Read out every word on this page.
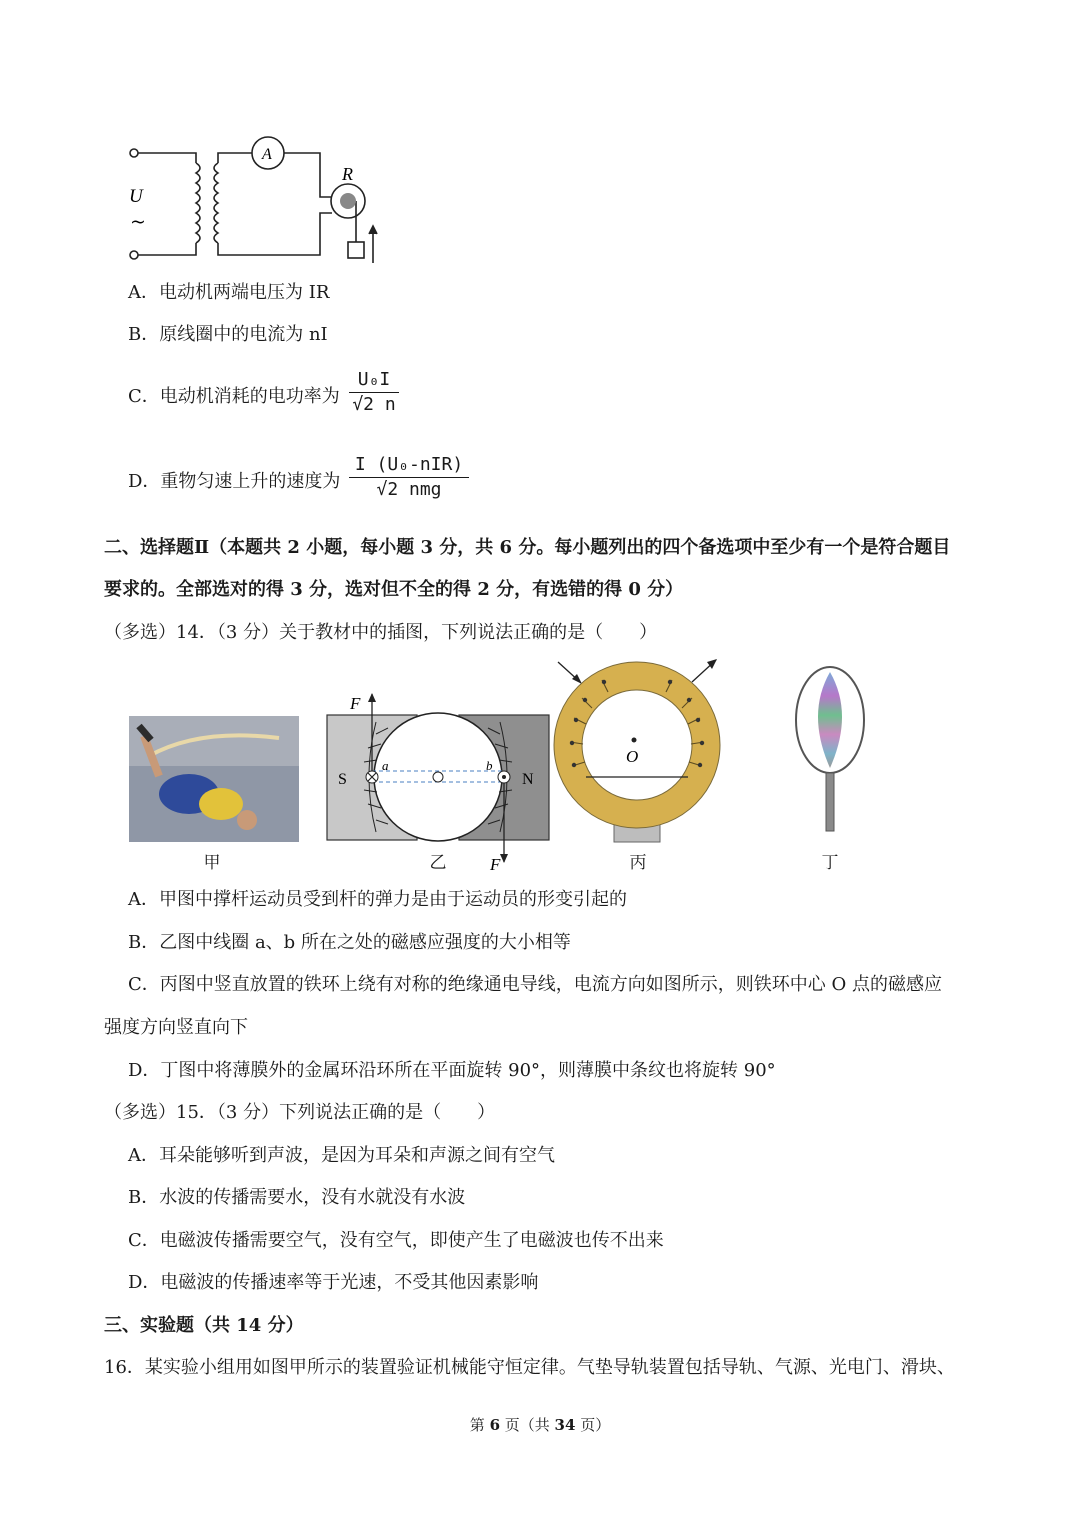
U
~
A
R
A．电动机两端电压为 IR
B．原线圈中的电流为 nI
C．电动机消耗的电功率为
U₀I
√2 n
D．重物匀速上升的速度为
I (U₀-nIR)
√2 nmg
二、选择题Ⅱ（本题共 2 小题，每小题 3 分，共 6 分。每小题列出的四个备选项中至少有一个是符合题目
要求的。全部选对的得 3 分，选对但不全的得 2 分，有选错的得 0 分）
（多选）14．（3 分）关于教材中的插图，下列说法正确的是（　　）
甲
F
F
S	N
a	b
乙
O
丙	丁
A．甲图中撑杆运动员受到杆的弹力是由于运动员的形变引起的
B．乙图中线圈 a、b 所在之处的磁感应强度的大小相等
C．丙图中竖直放置的铁环上绕有对称的绝缘通电导线，电流方向如图所示，则铁环中心 O 点的磁感应
强度方向竖直向下
D．丁图中将薄膜外的金属环沿环所在平面旋转 90°，则薄膜中条纹也将旋转 90°
（多选）15．（3 分）下列说法正确的是（　　）
A．耳朵能够听到声波，是因为耳朵和声源之间有空气
B．水波的传播需要水，没有水就没有水波
C．电磁波传播需要空气，没有空气，即使产生了电磁波也传不出来
D．电磁波的传播速率等于光速，不受其他因素影响
三、实验题（共 14 分）
16．某实验小组用如图甲所示的装置验证机械能守恒定律。气垫导轨装置包括导轨、气源、光电门、滑块、
第 6 页（共 34 页）
